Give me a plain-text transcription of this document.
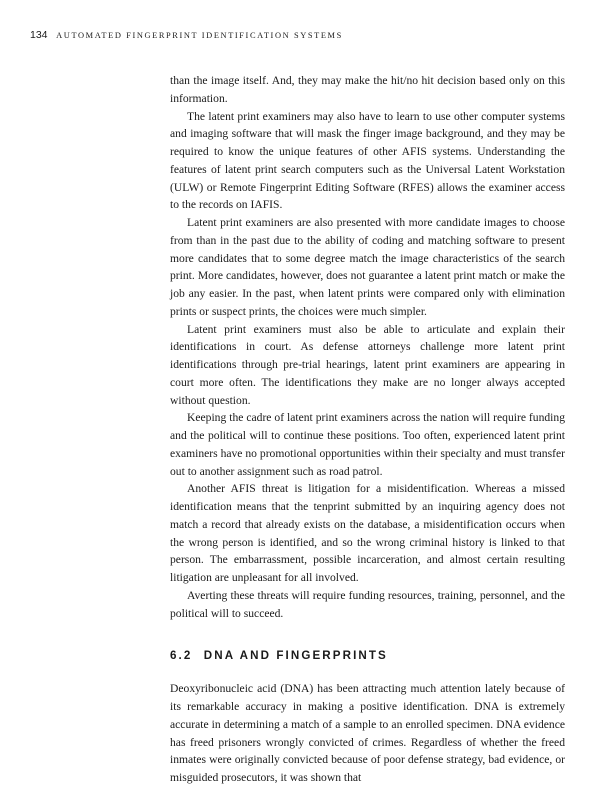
134 AUTOMATED FINGERPRINT IDENTIFICATION SYSTEMS

than the image itself. And, they may make the hit/no hit decision based only on this information.

The latent print examiners may also have to learn to use other computer systems and imaging software that will mask the finger image background, and they may be required to know the unique features of other AFIS systems. Understanding the features of latent print search computers such as the Universal Latent Workstation (ULW) or Remote Fingerprint Editing Software (RFES) allows the examiner access to the records on IAFIS.

Latent print examiners are also presented with more candidate images to choose from than in the past due to the ability of coding and matching software to present more candidates that to some degree match the image characteristics of the search print. More candidates, however, does not guarantee a latent print match or make the job any easier. In the past, when latent prints were compared only with elimination prints or suspect prints, the choices were much simpler.

Latent print examiners must also be able to articulate and explain their identifications in court. As defense attorneys challenge more latent print identifications through pre-trial hearings, latent print examiners are appearing in court more often. The identifications they make are no longer always accepted without question.

Keeping the cadre of latent print examiners across the nation will require funding and the political will to continue these positions. Too often, experienced latent print examiners have no promotional opportunities within their specialty and must transfer out to another assignment such as road patrol.

Another AFIS threat is litigation for a misidentification. Whereas a missed identification means that the tenprint submitted by an inquiring agency does not match a record that already exists on the database, a misidentification occurs when the wrong person is identified, and so the wrong criminal history is linked to that person. The embarrassment, possible incarceration, and almost certain resulting litigation are unpleasant for all involved.

Averting these threats will require funding resources, training, personnel, and the political will to succeed.

6.2 DNA AND FINGERPRINTS

Deoxyribonucleic acid (DNA) has been attracting much attention lately because of its remarkable accuracy in making a positive identification. DNA is extremely accurate in determining a match of a sample to an enrolled specimen. DNA evidence has freed prisoners wrongly convicted of crimes. Regardless of whether the freed inmates were originally convicted because of poor defense strategy, bad evidence, or misguided prosecutors, it was shown that
